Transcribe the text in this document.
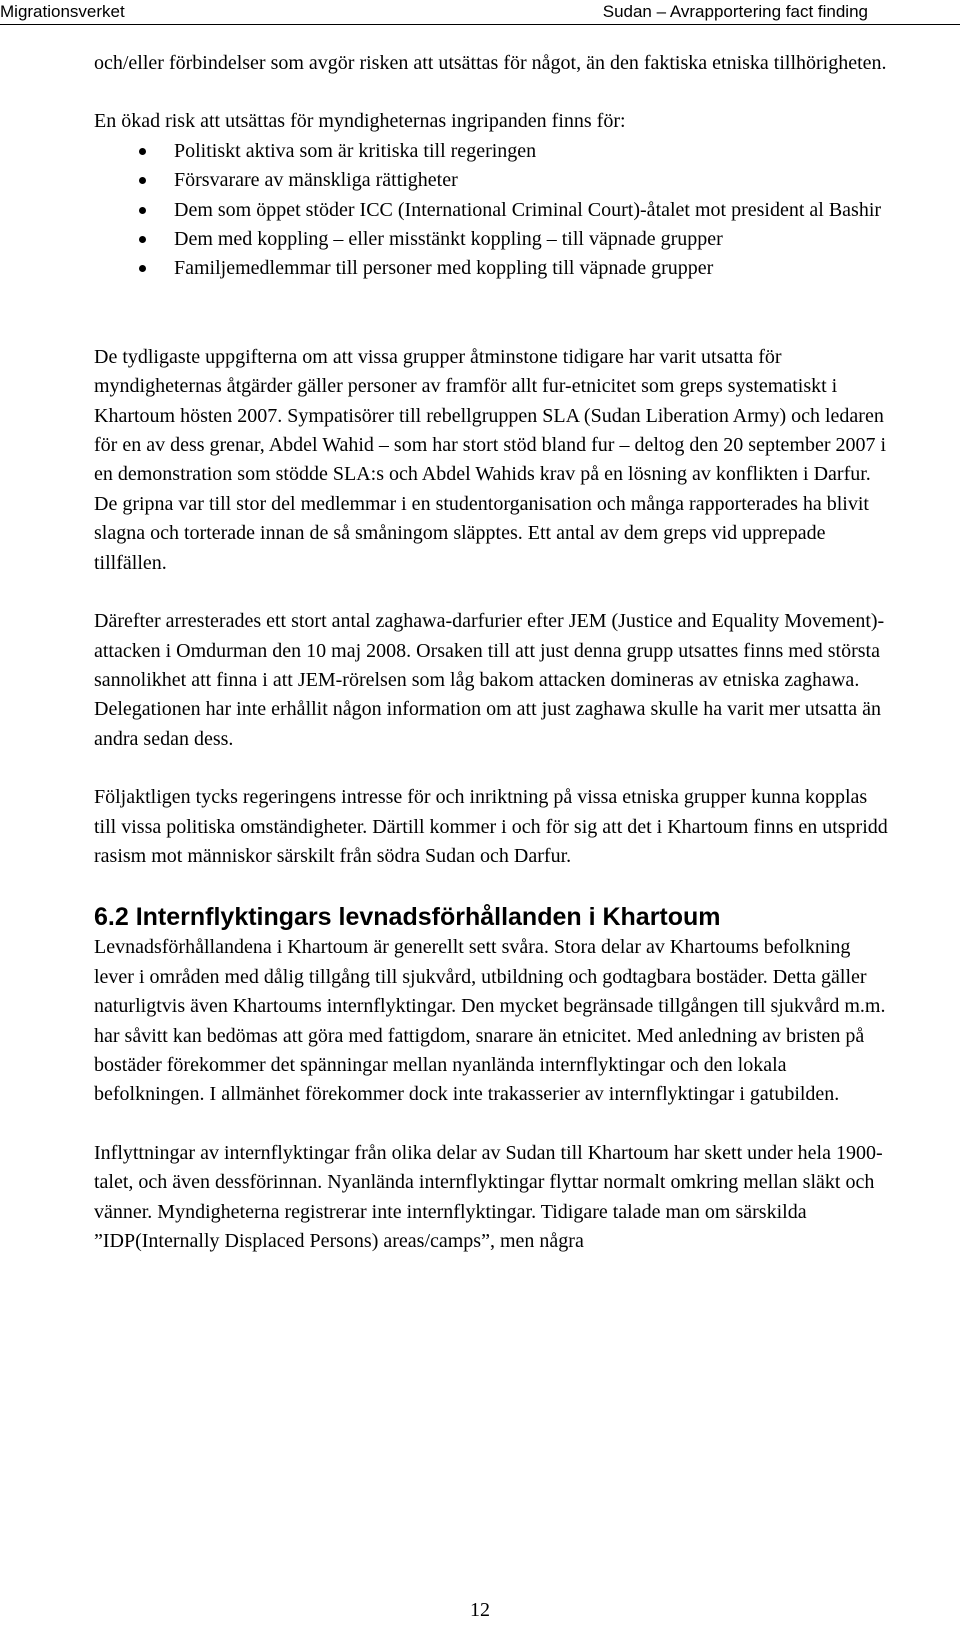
Migrationsverket	Sudan – Avrapportering fact finding

och/eller förbindelser som avgör risken att utsättas för något, än den faktiska etniska tillhörigheten.

En ökad risk att utsättas för myndigheternas ingripanden finns för:

Politiskt aktiva som är kritiska till regeringen
Försvarare av mänskliga rättigheter
Dem som öppet stöder ICC (International Criminal Court)-åtalet mot president al Bashir
Dem med koppling – eller misstänkt koppling – till väpnade grupper
Familjemedlemmar till personer med koppling till väpnade grupper

De tydligaste uppgifterna om att vissa grupper åtminstone tidigare har varit utsatta för myndigheternas åtgärder gäller personer av framför allt fur-etnicitet som greps systematiskt i Khartoum hösten 2007. Sympatisörer till rebellgruppen SLA (Sudan Liberation Army) och ledaren för en av dess grenar, Abdel Wahid – som har stort stöd bland fur – deltog den 20 september 2007 i en demonstration som stödde SLA:s och Abdel Wahids krav på en lösning av konflikten i Darfur. De gripna var till stor del medlemmar i en studentorganisation och många rapporterades ha blivit slagna och torterade innan de så småningom släpptes. Ett antal av dem greps vid upprepade tillfällen.

Därefter arresterades ett stort antal zaghawa-darfurier efter JEM (Justice and Equality Movement)-attacken i Omdurman den 10 maj 2008. Orsaken till att just denna grupp utsattes finns med största sannolikhet att finna i att JEM-rörelsen som låg bakom attacken domineras av etniska zaghawa. Delegationen har inte erhållit någon information om att just zaghawa skulle ha varit mer utsatta än andra sedan dess.

Följaktligen tycks regeringens intresse för och inriktning på vissa etniska grupper kunna kopplas till vissa politiska omständigheter. Därtill kommer i och för sig att det i Khartoum finns en utspridd rasism mot människor särskilt från södra Sudan och Darfur.

6.2 Internflyktingars levnadsförhållanden i Khartoum

Levnadsförhållandena i Khartoum är generellt sett svåra. Stora delar av Khartoums befolkning lever i områden med dålig tillgång till sjukvård, utbildning och godtagbara bostäder. Detta gäller naturligtvis även Khartoums internflyktingar. Den mycket begränsade tillgången till sjukvård m.m. har såvitt kan bedömas att göra med fattigdom, snarare än etnicitet. Med anledning av bristen på bostäder förekommer det spänningar mellan nyanlända internflyktingar och den lokala befolkningen. I allmänhet förekommer dock inte trakasserier av internflyktingar i gatubilden.

Inflyttningar av internflyktingar från olika delar av Sudan till Khartoum har skett under hela 1900-talet, och även dessförinnan. Nyanlända internflyktingar flyttar normalt omkring mellan släkt och vänner. Myndigheterna registrerar inte internflyktingar. Tidigare talade man om särskilda ”IDP(Internally Displaced Persons) areas/camps”, men några

12
